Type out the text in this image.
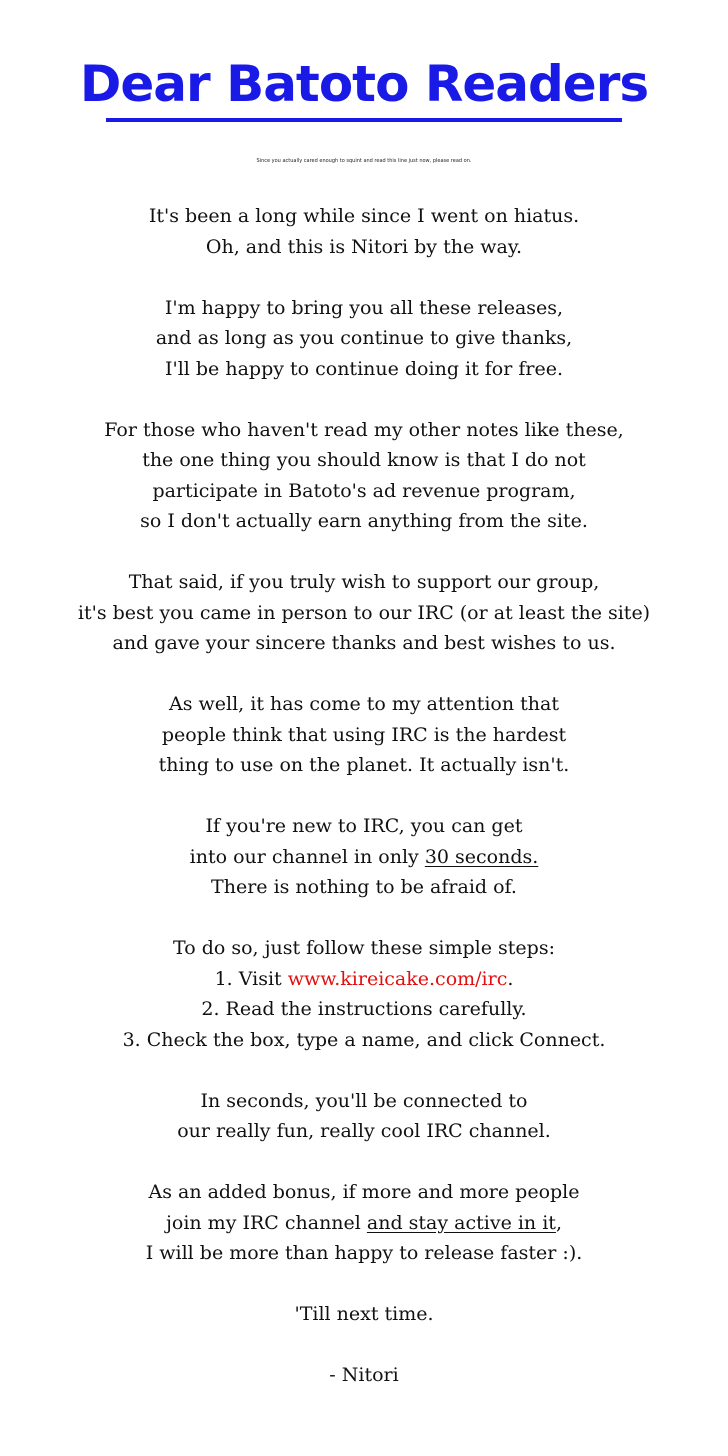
Dear Batoto Readers
Since you actually cared enough to squint and read this line just now, please read on.

It's been a long while since I went on hiatus.
Oh, and this is Nitori by the way.

I'm happy to bring you all these releases,
and as long as you continue to give thanks,
I'll be happy to continue doing it for free.

For those who haven't read my other notes like these,
the one thing you should know is that I do not
participate in Batoto's ad revenue program,
so I don't actually earn anything from the site.

That said, if you truly wish to support our group,
it's best you came in person to our IRC (or at least the site)
and gave your sincere thanks and best wishes to us.

As well, it has come to my attention that
people think that using IRC is the hardest
thing to use on the planet. It actually isn't.

If you're new to IRC, you can get
into our channel in only 30 seconds.
There is nothing to be afraid of.

To do so, just follow these simple steps:
1. Visit www.kireicake.com/irc.
2. Read the instructions carefully.
3. Check the box, type a name, and click Connect.

In seconds, you'll be connected to
our really fun, really cool IRC channel.

As an added bonus, if more and more people
join my IRC channel and stay active in it,
I will be more than happy to release faster :).

'Till next time.

- Nitori
